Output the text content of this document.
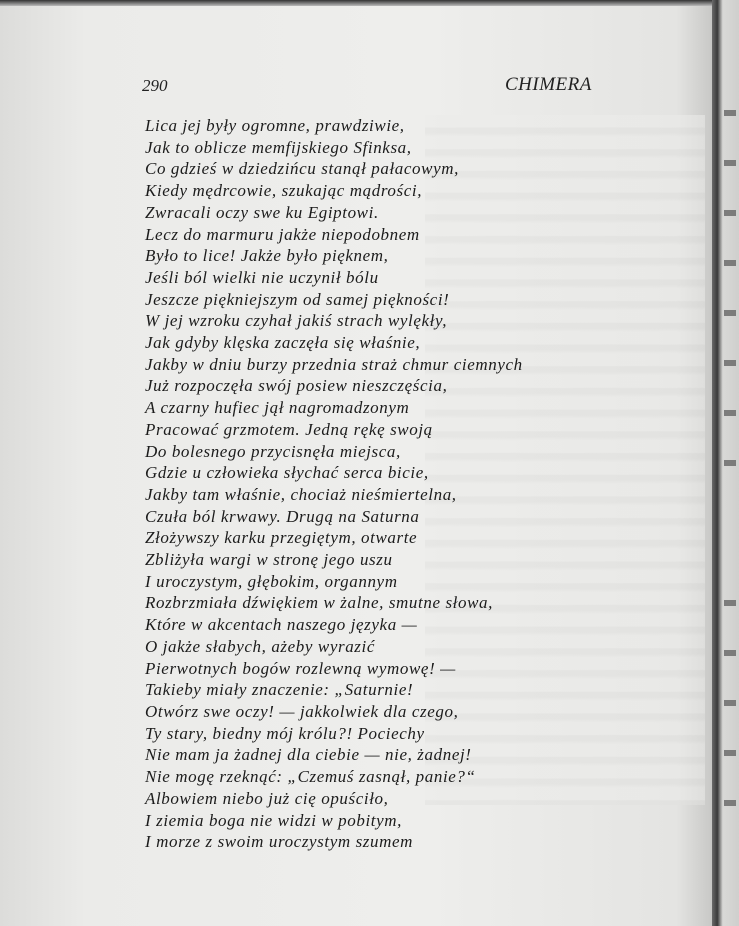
290	CHIMERA
Lica jej były ogromne, prawdziwie,
Jak to oblicze memfijskiego Sfinksa,
Co gdzieś w dziedzińcu stanął pałacowym,
Kiedy mędrcowie, szukając mądrości,
Zwracali oczy swe ku Egiptowi.
Lecz do marmuru jakże niepodobnem
Było to lice! Jakże było pięknem,
Jeśli ból wielki nie uczynił bólu
Jeszcze piękniejszym od samej piękności!
W jej wzroku czyhał jakiś strach wylękły,
Jak gdyby klęska zaczęła się właśnie,
Jakby w dniu burzy przednia straż chmur ciemnych
Już rozpoczęła swój posiew nieszczęścia,
A czarny hufiec jął nagromadzonym
Pracować grzmotem. Jedną rękę swoją
Do bolesnego przycisnęła miejsca,
Gdzie u człowieka słychać serca bicie,
Jakby tam właśnie, chociaż nieśmiertelna,
Czuła ból krwawy. Drugą na Saturna
Złożywszy karku przegiętym, otwarte
Zbliżyła wargi w stronę jego uszu
I uroczystym, głębokim, organnym
Rozbrzmiała dźwiękiem w żalne, smutne słowa,
Które w akcentach naszego języka —
O jakże słabych, ażeby wyrazić
Pierwotnych bogów rozlewną wymowę! —
Takieby miały znaczenie: „Saturnie!
Otwórz swe oczy! — jakkolwiek dla czego,
Ty stary, biedny mój królu?! Pociechy
Nie mam ja żadnej dla ciebie — nie, żadnej!
Nie mogę rzeknąć: „Czemuś zasnął, panie?“
Albowiem niebo już cię opuściło,
I ziemia boga nie widzi w pobitym,
I morze z swoim uroczystym szumem
